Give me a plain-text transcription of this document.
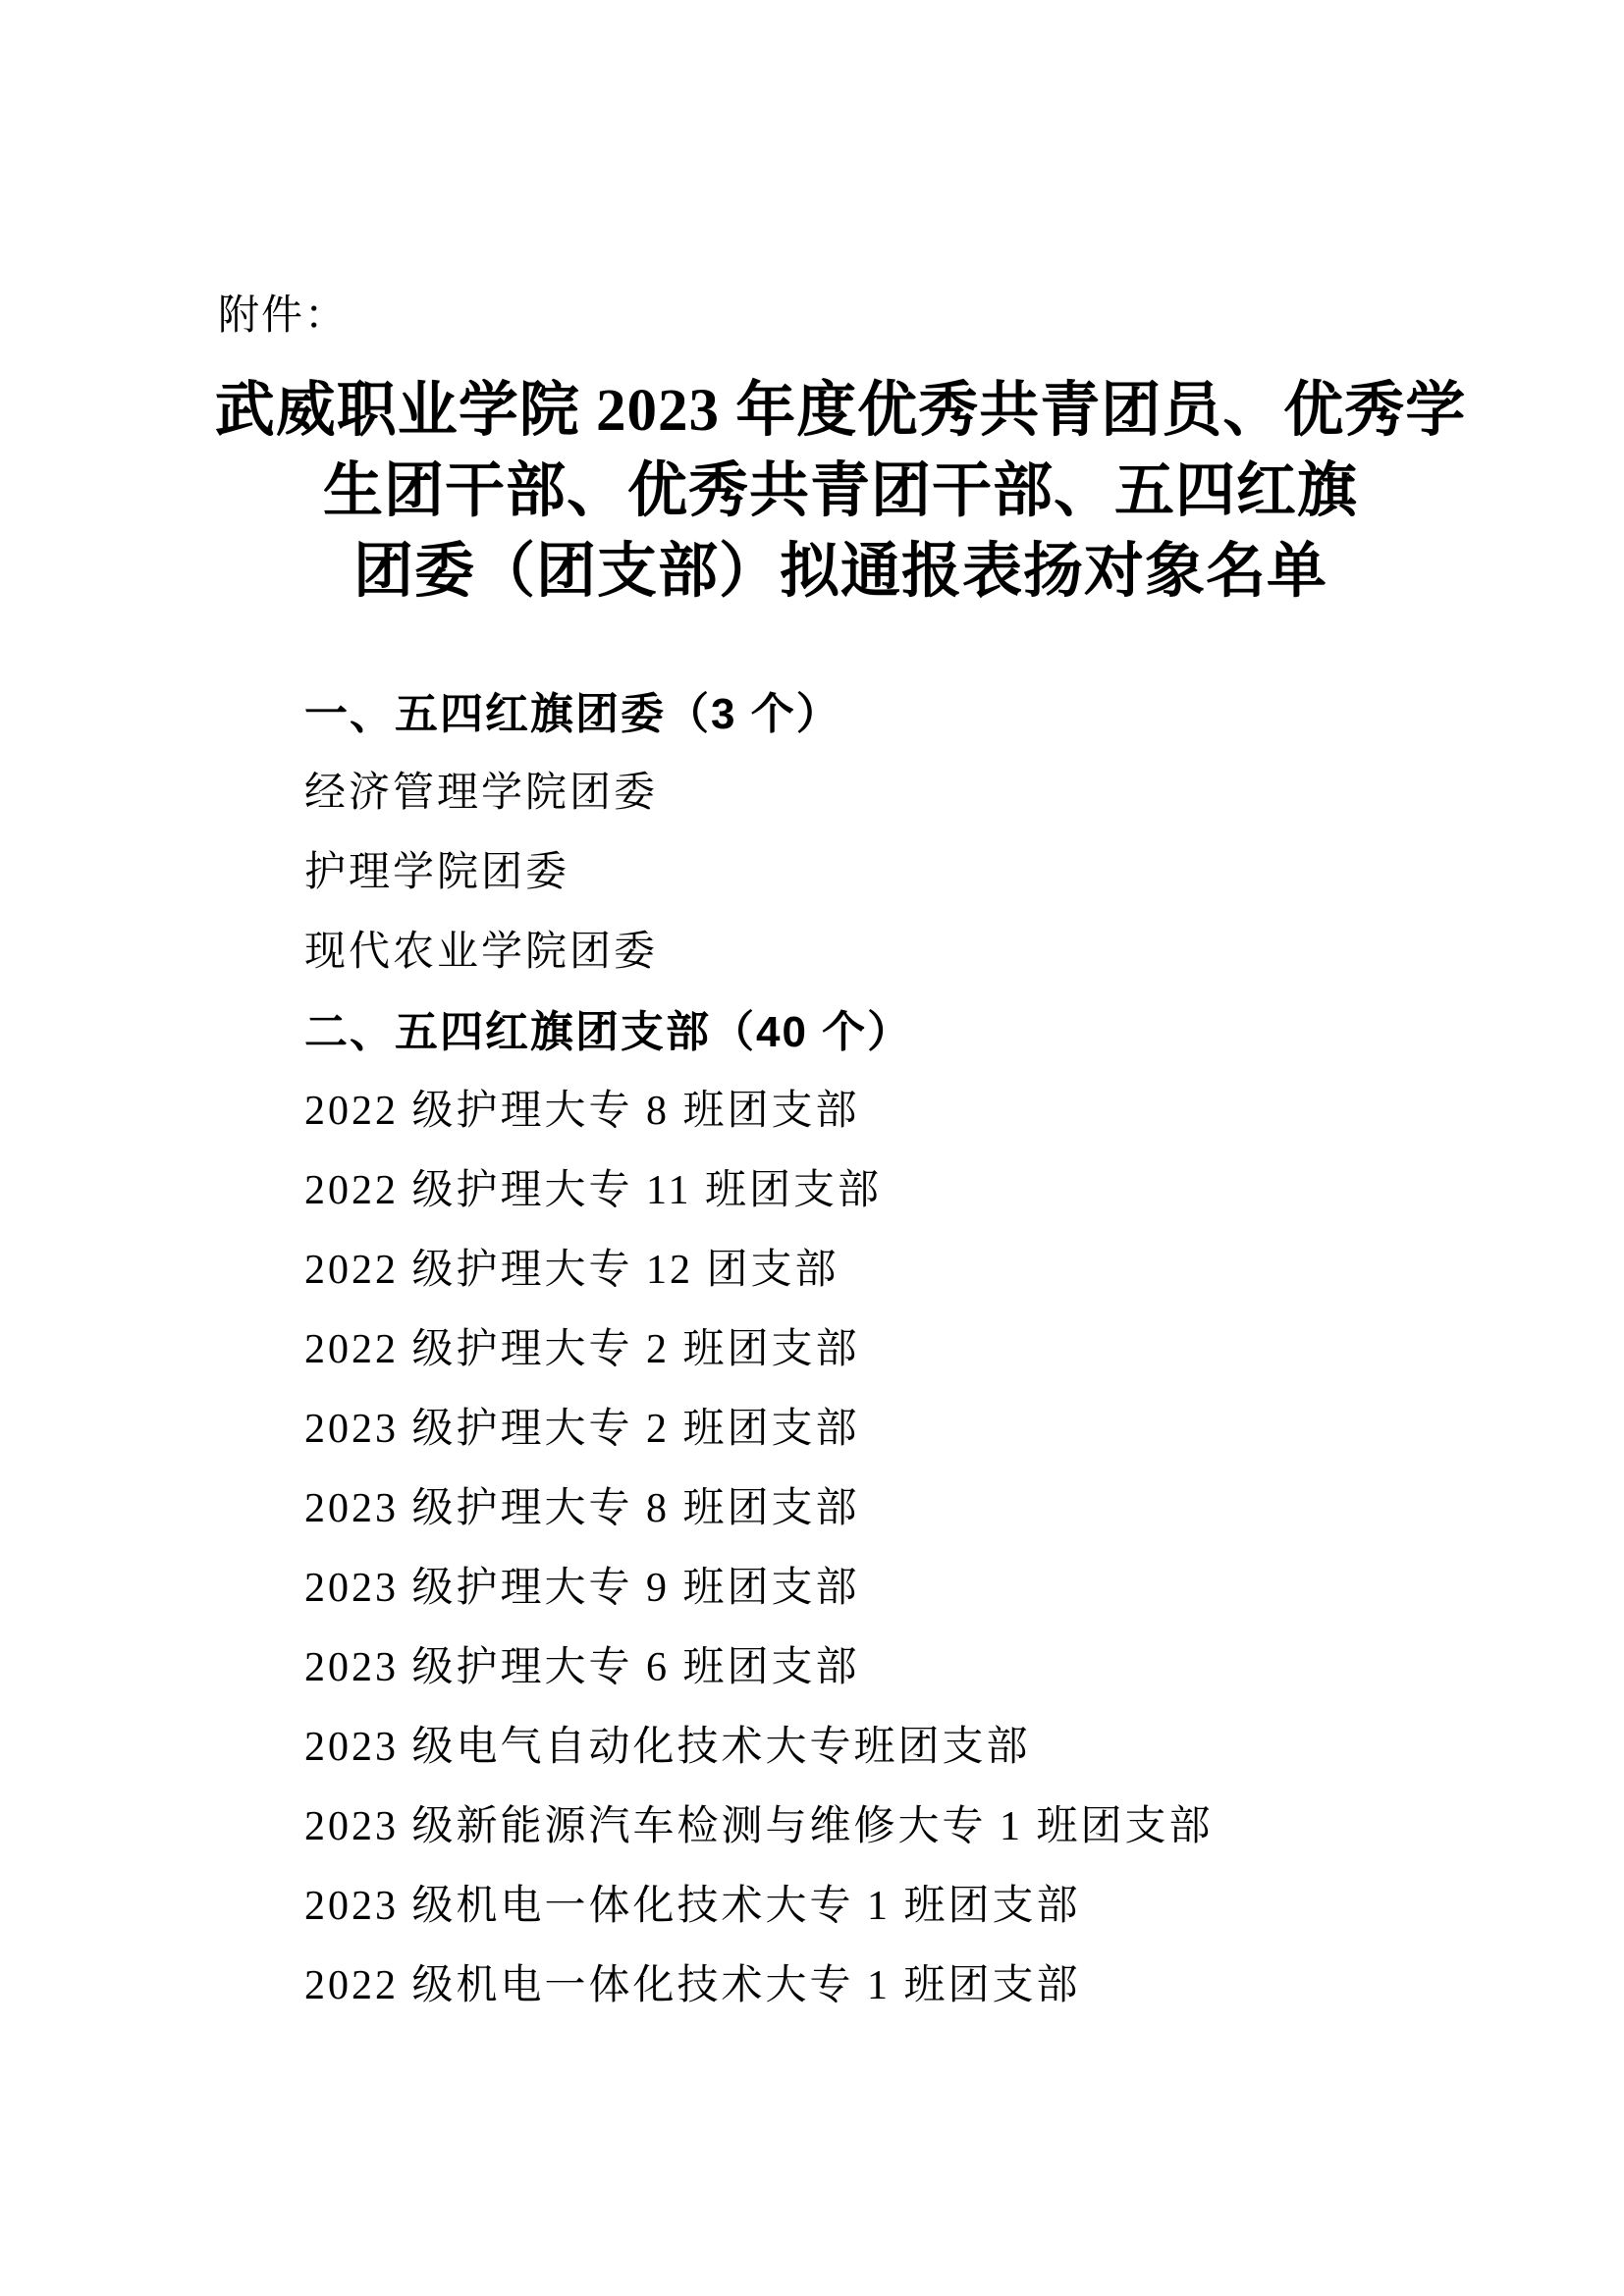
附件：
武威职业学院 2023 年度优秀共青团员、优秀学
生团干部、优秀共青团干部、五四红旗
团委（团支部）拟通报表扬对象名单

一、五四红旗团委（3 个）

经济管理学院团委

护理学院团委

现代农业学院团委

二、五四红旗团支部（40 个）

2022 级护理大专 8 班团支部

2022 级护理大专 11 班团支部

2022 级护理大专 12 团支部

2022 级护理大专 2 班团支部

2023 级护理大专 2 班团支部

2023 级护理大专 8 班团支部

2023 级护理大专 9 班团支部

2023 级护理大专 6 班团支部

2023 级电气自动化技术大专班团支部

2023 级新能源汽车检测与维修大专 1 班团支部

2023 级机电一体化技术大专 1 班团支部

2022 级机电一体化技术大专 1 班团支部
